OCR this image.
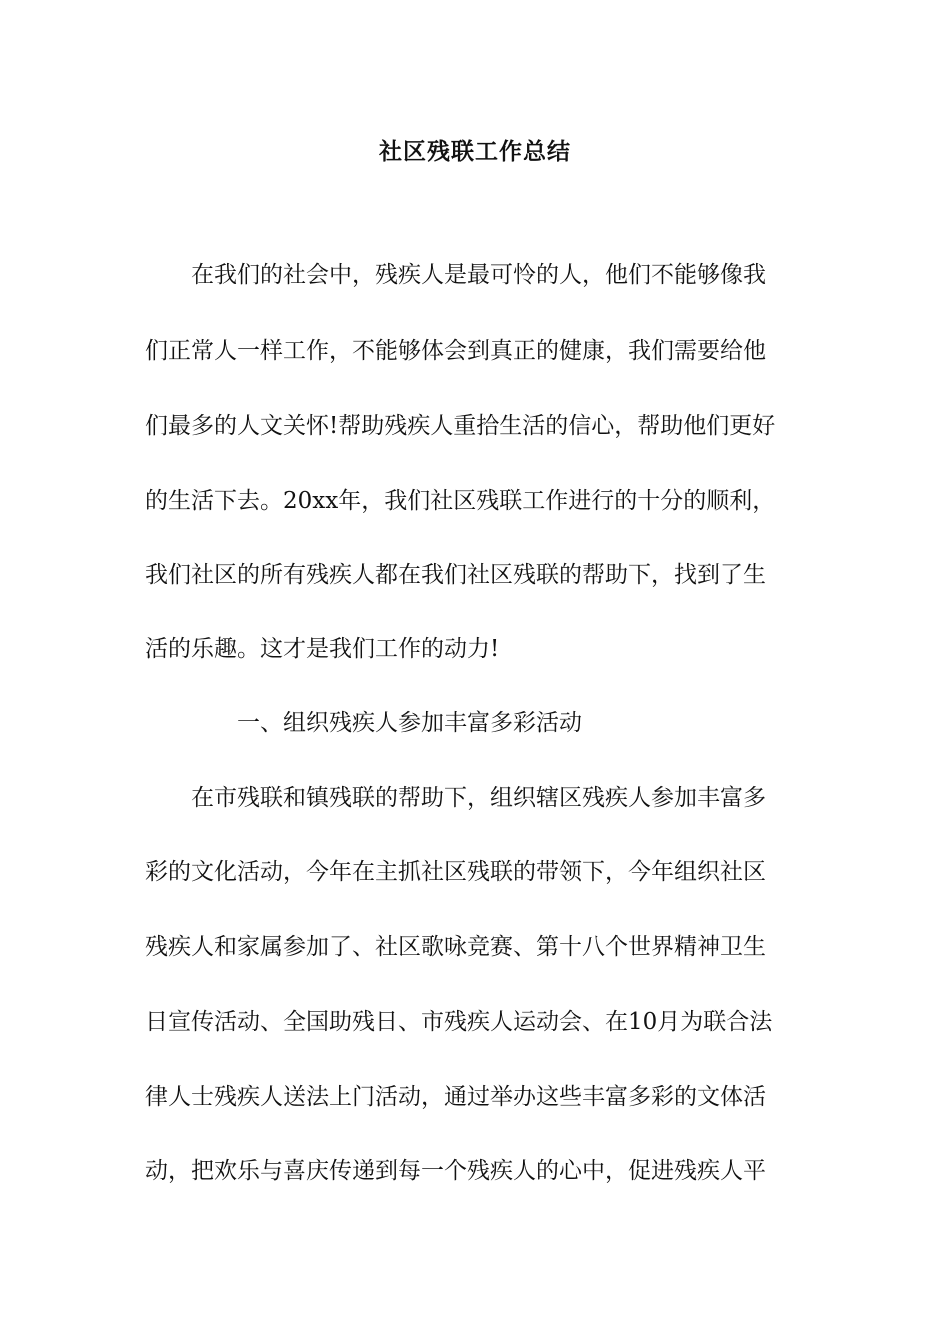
社区残联工作总结
　　在我们的社会中，残疾人是最可怜的人，他们不能够像我
们正常人一样工作，不能够体会到真正的健康，我们需要给他
们最多的人文关怀!帮助残疾人重拾生活的信心，帮助他们更好
的生活下去。20xx年，我们社区残联工作进行的十分的顺利，
我们社区的所有残疾人都在我们社区残联的帮助下，找到了生
活的乐趣。这才是我们工作的动力!
　　　　一、组织残疾人参加丰富多彩活动
　　在市残联和镇残联的帮助下，组织辖区残疾人参加丰富多
彩的文化活动，今年在主抓社区残联的带领下，今年组织社区
残疾人和家属参加了、社区歌咏竞赛、第十八个世界精神卫生
日宣传活动、全国助残日、市残疾人运动会、在10月为联合法
律人士残疾人送法上门活动，通过举办这些丰富多彩的文体活
动，把欢乐与喜庆传递到每一个残疾人的心中，促进残疾人平
